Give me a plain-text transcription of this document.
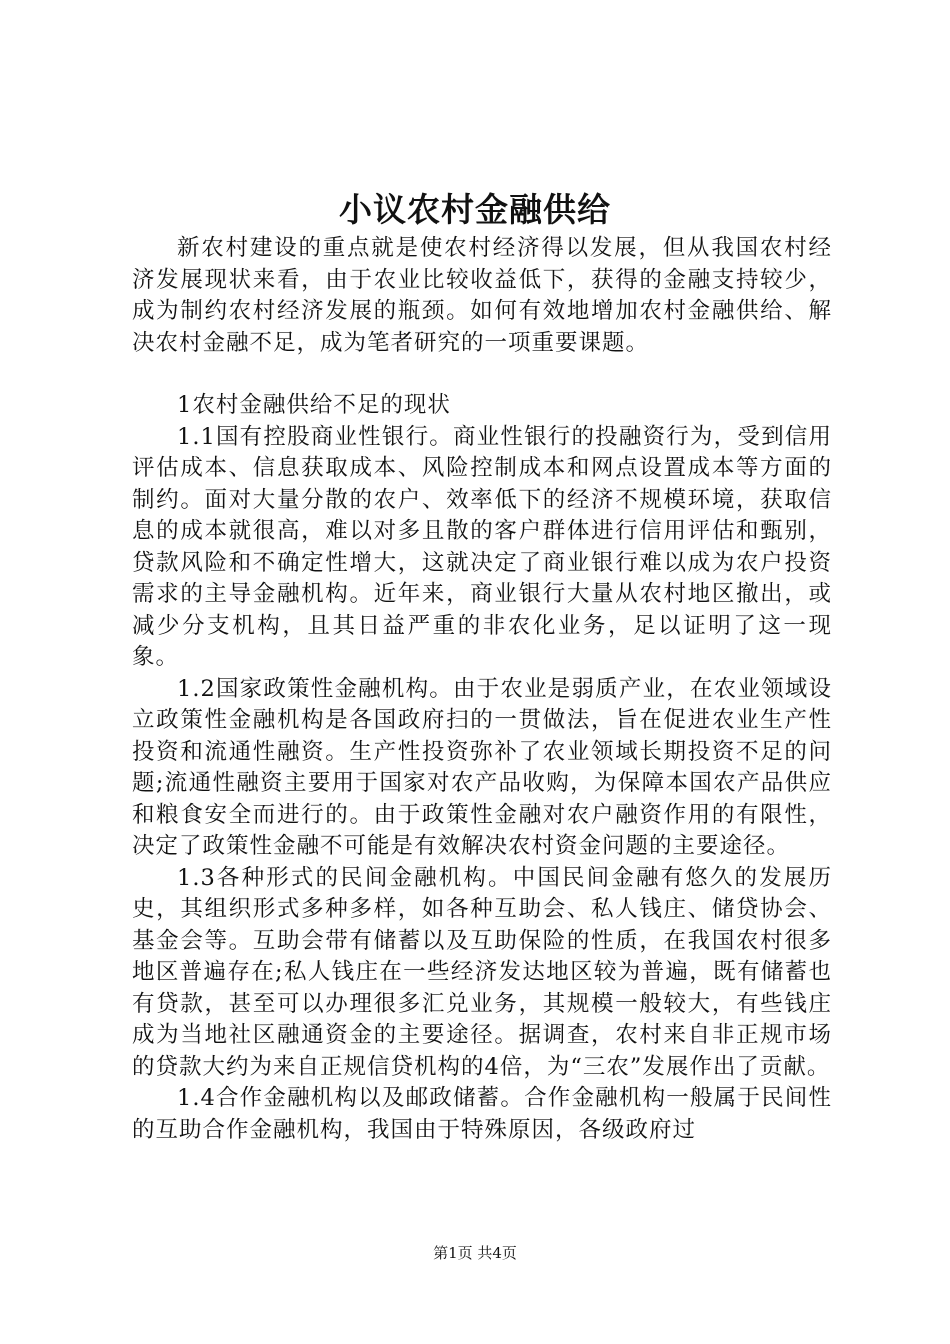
小议农村金融供给

新农村建设的重点就是使农村经济得以发展，但从我国农村经济发展现状来看，由于农业比较收益低下，获得的金融支持较少，成为制约农村经济发展的瓶颈。如何有效地增加农村金融供给、解决农村金融不足，成为笔者研究的一项重要课题。

1农村金融供给不足的现状

1.1国有控股商业性银行。商业性银行的投融资行为，受到信用评估成本、信息获取成本、风险控制成本和网点设置成本等方面的制约。面对大量分散的农户、效率低下的经济不规模环境，获取信息的成本就很高，难以对多且散的客户群体进行信用评估和甄别，贷款风险和不确定性增大，这就决定了商业银行难以成为农户投资需求的主导金融机构。近年来，商业银行大量从农村地区撤出，或减少分支机构，且其日益严重的非农化业务，足以证明了这一现象。

1.2国家政策性金融机构。由于农业是弱质产业，在农业领域设立政策性金融机构是各国政府扫的一贯做法，旨在促进农业生产性投资和流通性融资。生产性投资弥补了农业领域长期投资不足的问题;流通性融资主要用于国家对农产品收购，为保障本国农产品供应和粮食安全而进行的。由于政策性金融对农户融资作用的有限性，决定了政策性金融不可能是有效解决农村资金问题的主要途径。

1.3各种形式的民间金融机构。中国民间金融有悠久的发展历史，其组织形式多种多样，如各种互助会、私人钱庄、储贷协会、基金会等。互助会带有储蓄以及互助保险的性质，在我国农村很多地区普遍存在;私人钱庄在一些经济发达地区较为普遍，既有储蓄也有贷款，甚至可以办理很多汇兑业务，其规模一般较大，有些钱庄成为当地社区融通资金的主要途径。据调查，农村来自非正规市场的贷款大约为来自正规信贷机构的4倍，为“三农”发展作出了贡献。

1.4合作金融机构以及邮政储蓄。合作金融机构一般属于民间性的互助合作金融机构，我国由于特殊原因，各级政府过

第1页 共4页
